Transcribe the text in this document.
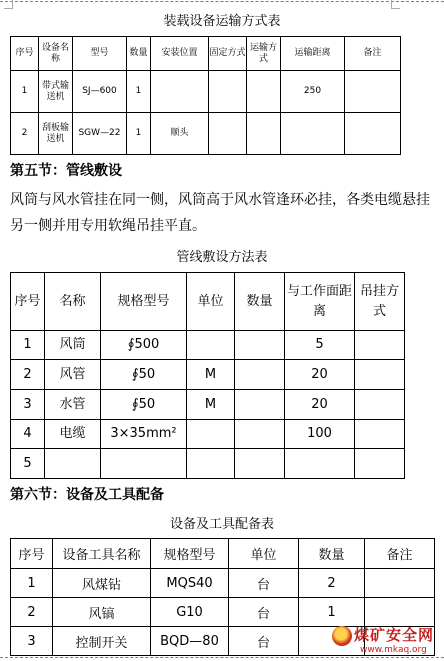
装载设备运输方式表
序号	设备名称	型号	数量	安装位置	固定方式	运输方式	运输距离	备注
1	带式输送机	SJ—600	1				250	
2	刮板输送机	SGW—22	1	顺头				
第五节：管线敷设
风筒与风水管挂在同一侧，风筒高于风水管逢环必挂，各类电缆悬挂另一侧并用专用软绳吊挂平直。
管线敷设方法表
序号	名称	规格型号	单位	数量	与工作面距离	吊挂方式
1	风筒	∮500			5	
2	风管	∮50	M		20	
3	水管	∮50	M		20	
4	电缆	3×35mm²			100	
5						
第六节：设备及工具配备
设备及工具配备表
序号	设备工具名称	规格型号	单位	数量	备注
1	风煤钻	MQS40	台	2	
2	风镐	G10	台	1	
3	控制开关	BQD—80	台			煤矿安全网
www.mkaq.org
